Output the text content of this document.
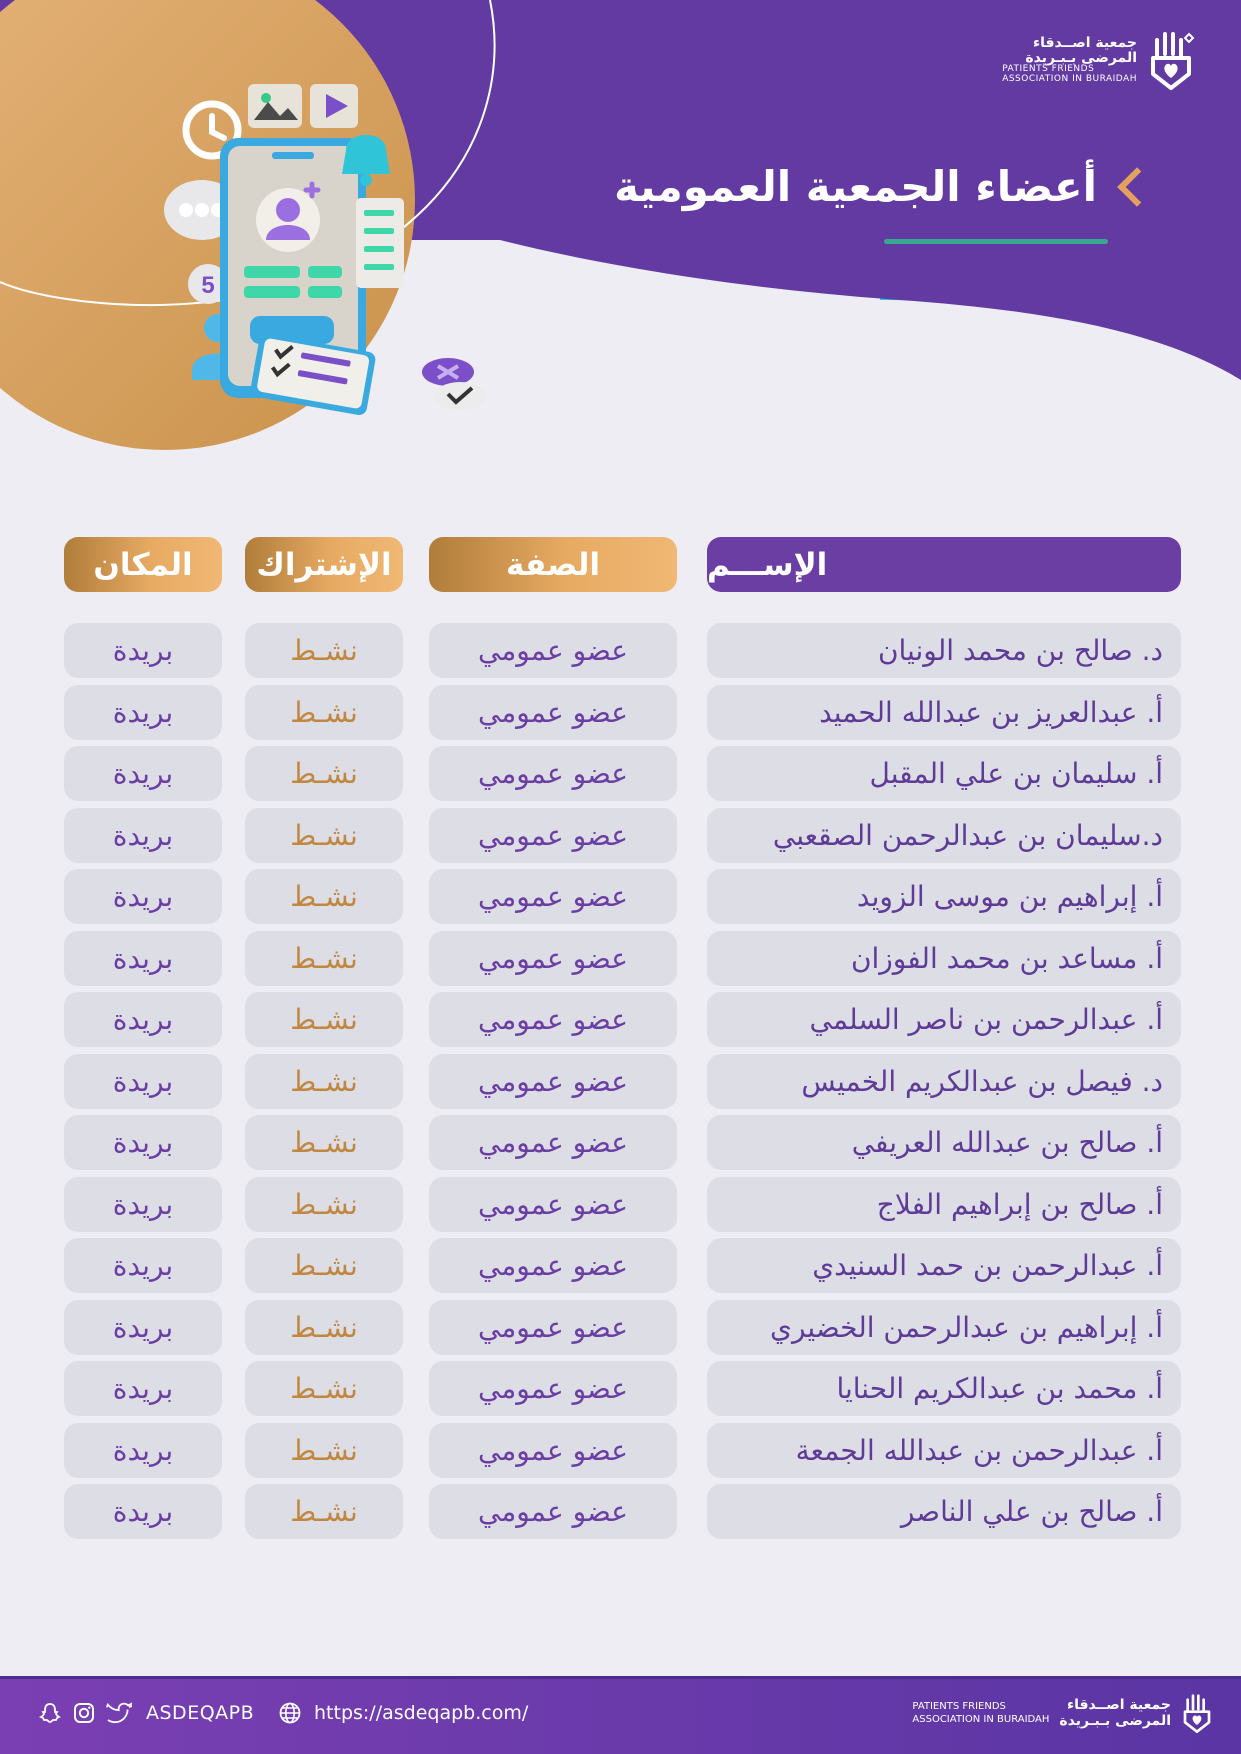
5
جمعية اصــدقاء
المرضى بـبـريدة
PATIENTS FRIENDS
ASSOCIATION IN BURAIDAH
أعضاء الجمعية العمومية
الإســـم
الصفة
الإشتراك
المكان
د. صالح بن محمد الونيان
عضو عمومي
نشـط
بريدة
أ. عبدالعريز بن عبدالله الحميد
عضو عمومي
نشـط
بريدة
أ. سليمان بن علي المقبل
عضو عمومي
نشـط
بريدة
د.سليمان بن عبدالرحمن الصقعبي
عضو عمومي
نشـط
بريدة
أ. إبراهيم بن موسى الزويد
عضو عمومي
نشـط
بريدة
أ. مساعد بن محمد الفوزان
عضو عمومي
نشـط
بريدة
أ. عبدالرحمن بن ناصر السلمي
عضو عمومي
نشـط
بريدة
د. فيصل بن عبدالكريم الخميس
عضو عمومي
نشـط
بريدة
أ. صالح بن عبدالله العريفي
عضو عمومي
نشـط
بريدة
أ. صالح بن إبراهيم الفلاج
عضو عمومي
نشـط
بريدة
أ. عبدالرحمن بن حمد السنيدي
عضو عمومي
نشـط
بريدة
أ. إبراهيم بن عبدالرحمن الخضيري
عضو عمومي
نشـط
بريدة
أ. محمد بن عبدالكريم الحنايا
عضو عمومي
نشـط
بريدة
أ. عبدالرحمن بن عبدالله الجمعة
عضو عمومي
نشـط
بريدة
أ. صالح بن علي الناصر
عضو عمومي
نشـط
بريدة
ASDEQAPB	https://asdeqapb.com/	جمعية اصــدقاء
المرضى بـبـريدة
PATIENTS FRIENDS
ASSOCIATION IN BURAIDAH
